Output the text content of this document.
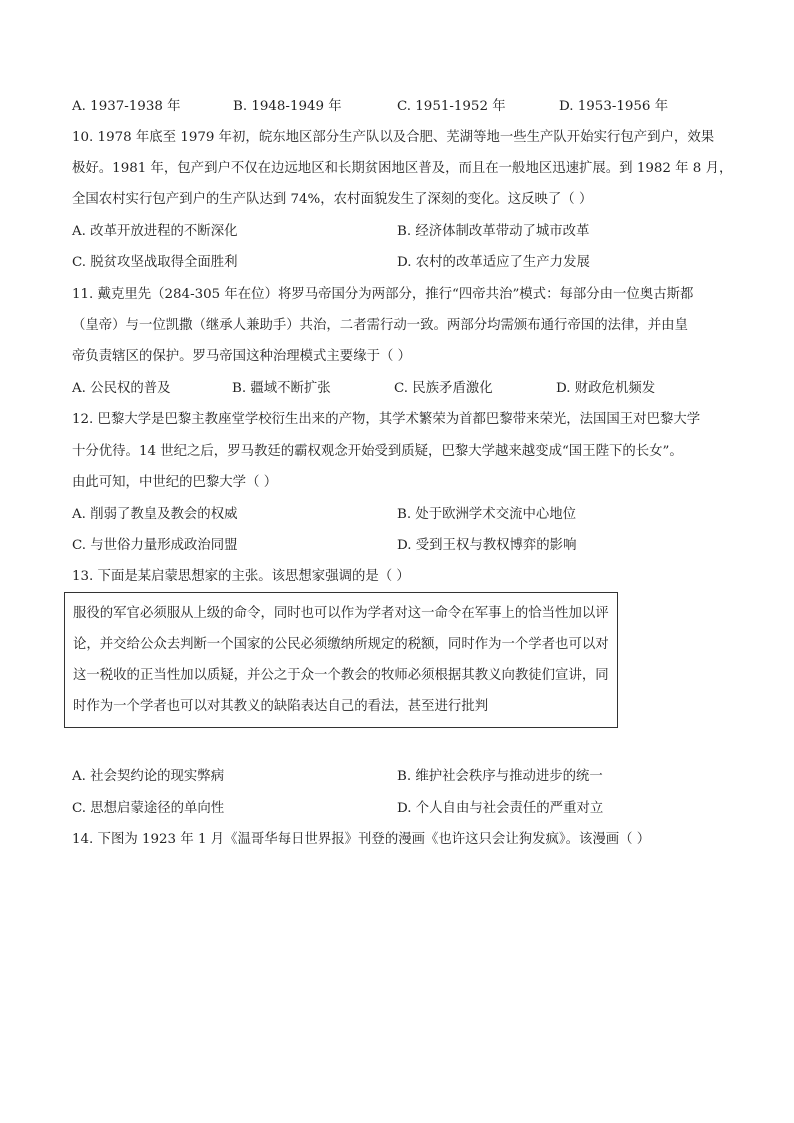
A. 1937-1938 年	B. 1948-1949 年	C. 1951-1952 年	D. 1953-1956 年
10. 1978 年底至 1979 年初，皖东地区部分生产队以及合肥、芜湖等地一些生产队开始实行包产到户，效果
极好。1981 年，包产到户不仅在边远地区和长期贫困地区普及，而且在一般地区迅速扩展。到 1982 年 8 月，
全国农村实行包产到户的生产队达到 74%，农村面貌发生了深刻的变化。这反映了（ ）
A. 改革开放进程的不断深化	B. 经济体制改革带动了城市改革
C. 脱贫攻坚战取得全面胜利	D. 农村的改革适应了生产力发展
11. 戴克里先（284-305 年在位）将罗马帝国分为两部分，推行“四帝共治”模式：每部分由一位奥古斯都
（皇帝）与一位凯撒（继承人兼助手）共治，二者需行动一致。两部分均需颁布通行帝国的法律，并由皇
帝负责辖区的保护。罗马帝国这种治理模式主要缘于（ ）
A. 公民权的普及	B. 疆域不断扩张	C. 民族矛盾激化	D. 财政危机频发
12. 巴黎大学是巴黎主教座堂学校衍生出来的产物，其学术繁荣为首都巴黎带来荣光，法国国王对巴黎大学
十分优待。14 世纪之后，罗马教廷的霸权观念开始受到质疑，巴黎大学越来越变成“国王陛下的长女”。
由此可知，中世纪的巴黎大学（ ）
A. 削弱了教皇及教会的权威	B. 处于欧洲学术交流中心地位
C. 与世俗力量形成政治同盟	D. 受到王权与教权博弈的影响
13. 下面是某启蒙思想家的主张。该思想家强调的是（ ）
服役的军官必须服从上级的命令，同时也可以作为学者对这一命令在军事上的恰当性加以评
论，并交给公众去判断一个国家的公民必须缴纳所规定的税额，同时作为一个学者也可以对
这一税收的正当性加以质疑，并公之于众一个教会的牧师必须根据其教义向教徒们宣讲，同
时作为一个学者也可以对其教义的缺陷表达自己的看法，甚至进行批判
A. 社会契约论的现实弊病	B. 维护社会秩序与推动进步的统一
C. 思想启蒙途径的单向性	D. 个人自由与社会责任的严重对立
14. 下图为 1923 年 1 月《温哥华每日世界报》刊登的漫画《也许这只会让狗发疯》。该漫画（ ）
